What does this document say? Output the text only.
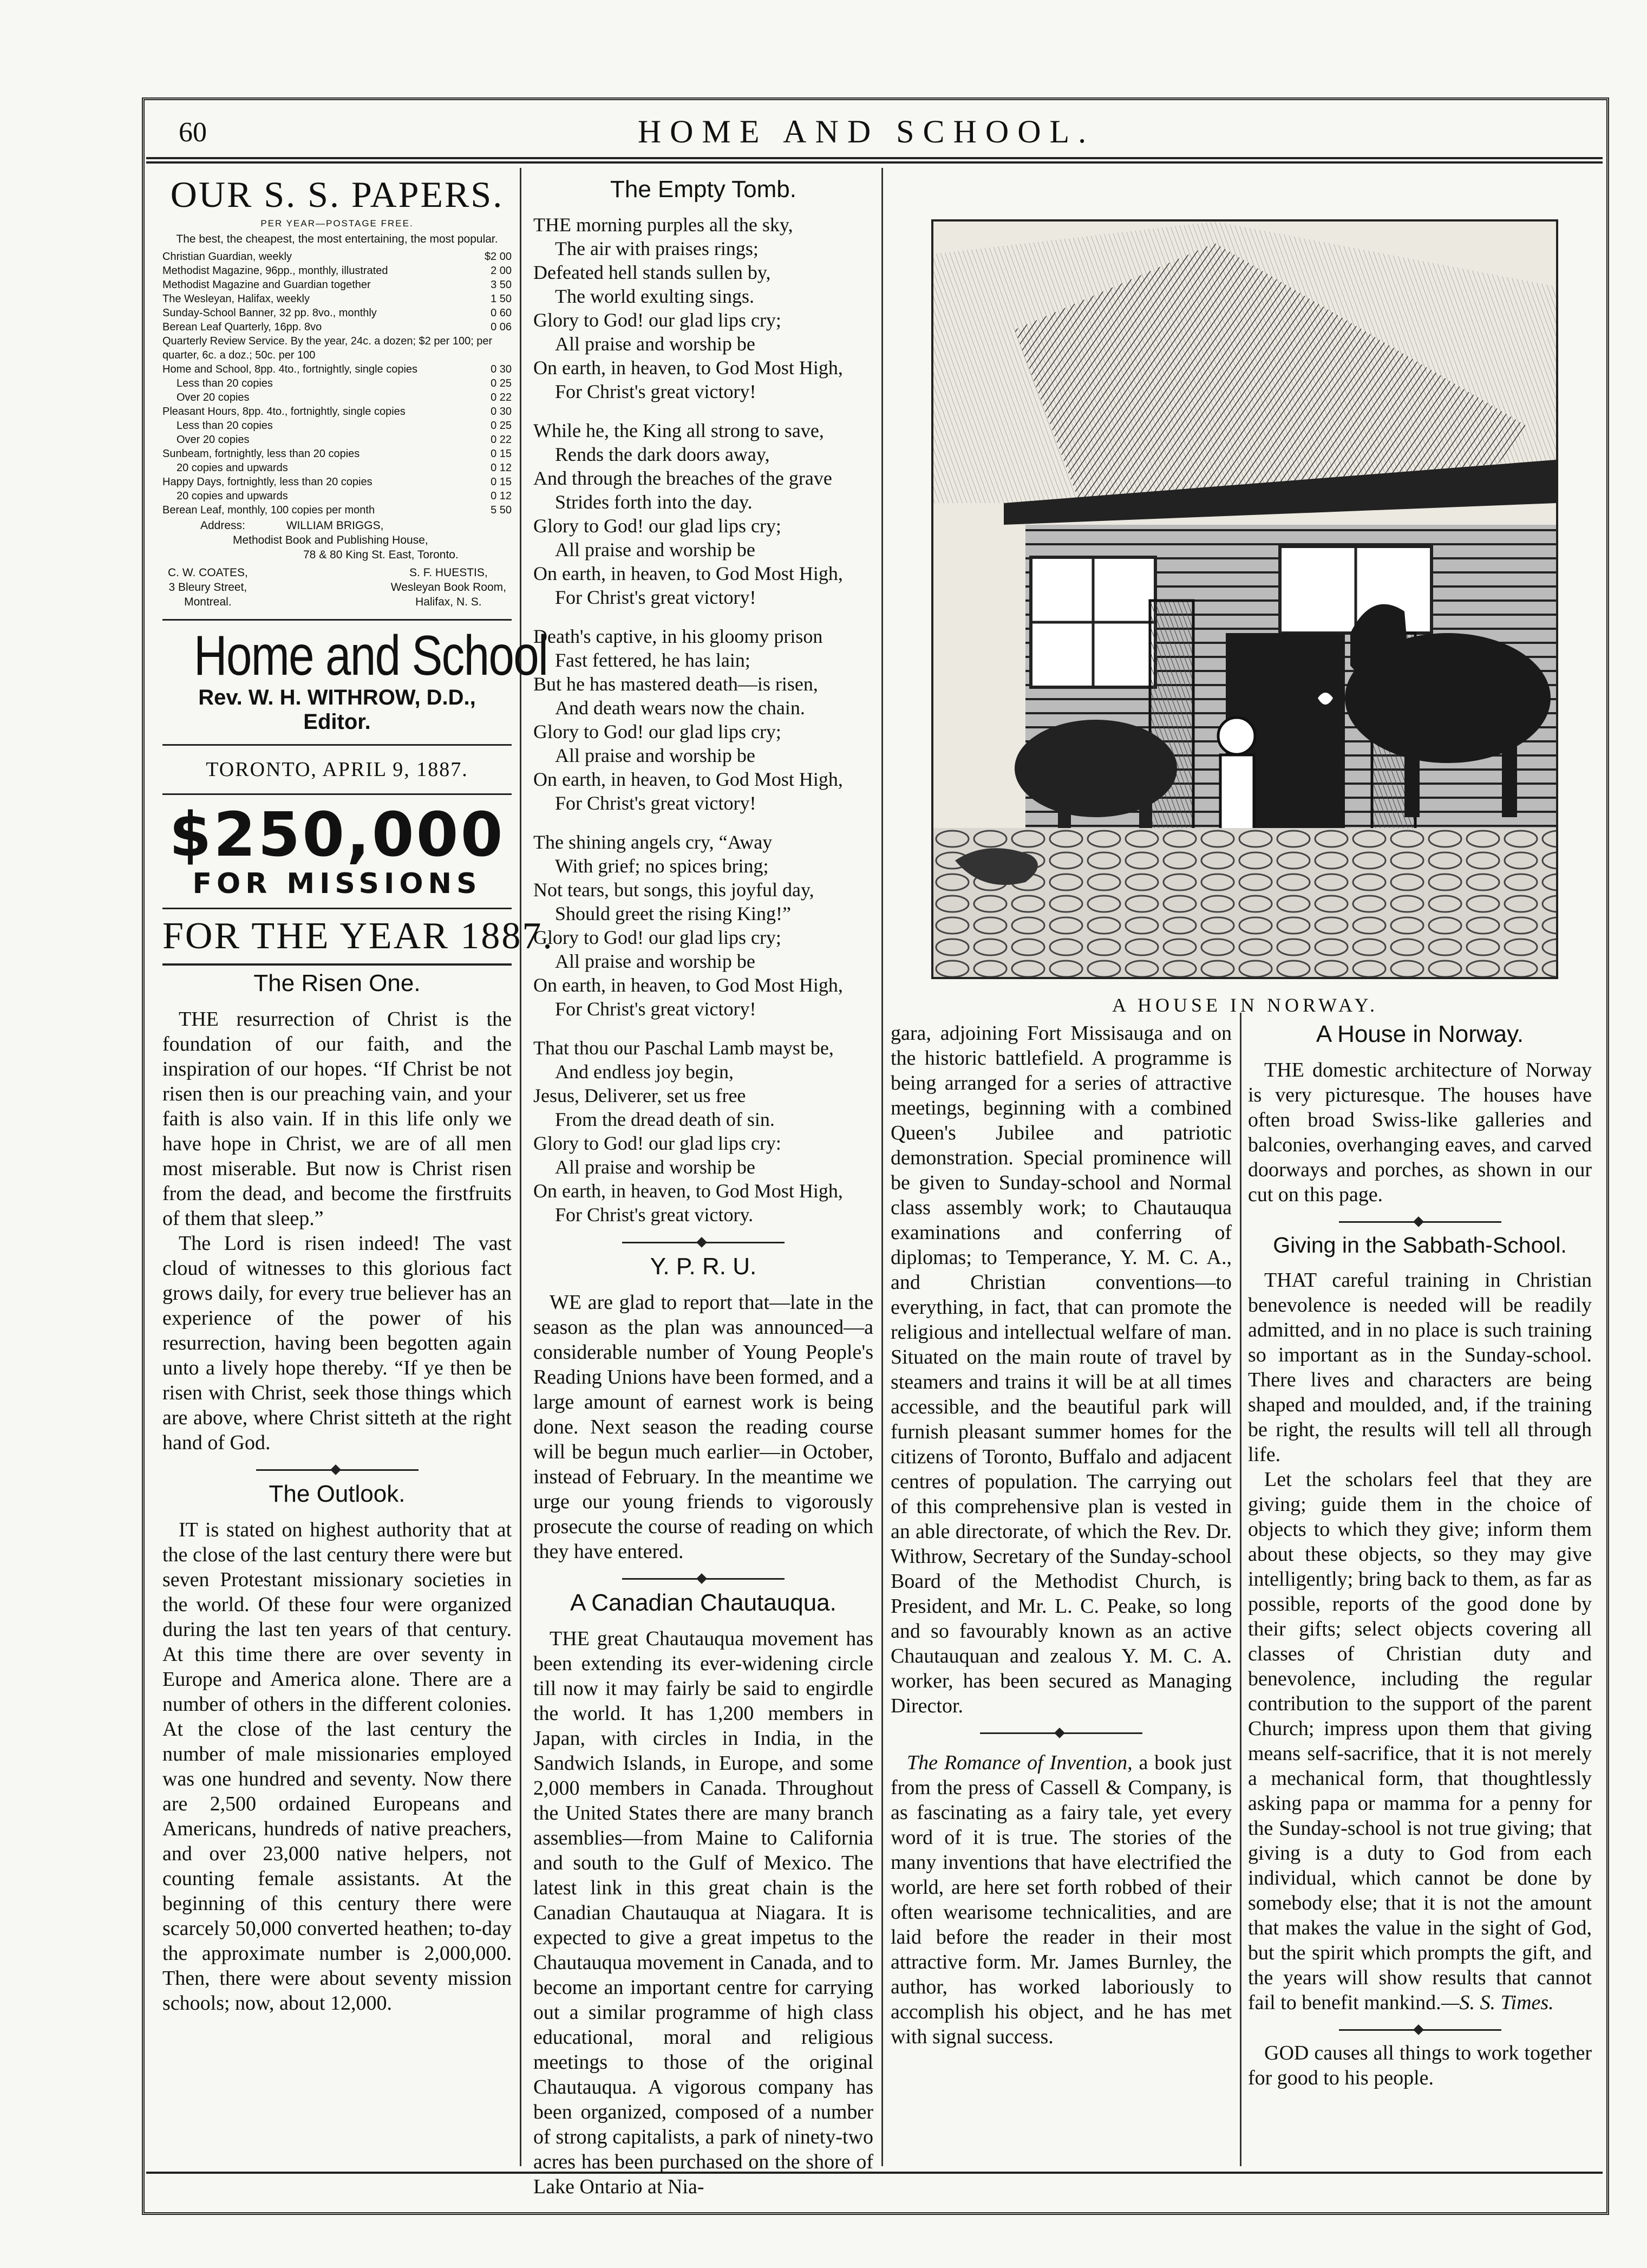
60	HOME AND SCHOOL.
OUR S. S. PAPERS.
PER YEAR—POSTAGE FREE.
The best, the cheapest, the most entertaining, the most popular.
Christian Guardian, weekly	$2 00
Methodist Magazine, 96pp., monthly, illustrated	2 00
Methodist Magazine and Guardian together	3 50
The Wesleyan, Halifax, weekly	1 50
Sunday-School Banner, 32 pp. 8vo., monthly	0 60
Berean Leaf Quarterly, 16pp. 8vo	0 06
Quarterly Review Service. By the year, 24c. a dozen; $2 per 100; per quarter, 6c. a doz.; 50c. per 100
Home and School, 8pp. 4to., fortnightly, single copies	0 30
Less than 20 copies	0 25
Over 20 copies	0 22
Pleasant Hours, 8pp. 4to., fortnightly, single copies	0 30
Less than 20 copies	0 25
Over 20 copies	0 22
Sunbeam, fortnightly, less than 20 copies	0 15
20 copies and upwards	0 12
Happy Days, fortnightly, less than 20 copies	0 15
20 copies and upwards	0 12
Berean Leaf, monthly, 100 copies per month	5 50
Address:	WILLIAM BRIGGS,
Methodist Book and Publishing House,
78 & 80 King St. East, Toronto.
C. W. COATES,
3 Bleury Street,
Montreal.
S. F. HUESTIS,
Wesleyan Book Room,
Halifax, N. S.
Home and School
Rev. W. H. WITHROW, D.D., Editor.
TORONTO, APRIL 9, 1887.
$250,000
FOR MISSIONS
FOR THE YEAR 1887.
The Risen One.

THE resurrection of Christ is the foundation of our faith, and the inspiration of our hopes. “If Christ be not risen then is our preaching vain, and your faith is also vain. If in this life only we have hope in Christ, we are of all men most miserable. But now is Christ risen from the dead, and become the firstfruits of them that sleep.”

The Lord is risen indeed! The vast cloud of witnesses to this glorious fact grows daily, for every true believer has an experience of the power of his resurrection, having been begotten again unto a lively hope thereby. “If ye then be risen with Christ, seek those things which are above, where Christ sitteth at the right hand of God.

The Outlook.

IT is stated on highest authority that at the close of the last century there were but seven Protestant missionary societies in the world. Of these four were organized during the last ten years of that century. At this time there are over seventy in Europe and America alone. There are a number of others in the different colonies. At the close of the last century the number of male missionaries employed was one hundred and seventy. Now there are 2,500 ordained Europeans and Americans, hundreds of native preachers, and over 23,000 native helpers, not counting female assistants. At the beginning of this century there were scarcely 50,000 converted heathen; to-day the approximate number is 2,000,000. Then, there were about seventy mission schools; now, about 12,000.

The Empty Tomb.
THE morning purples all the sky,
The air with praises rings;
Defeated hell stands sullen by,
The world exulting sings.
Glory to God! our glad lips cry;
All praise and worship be
On earth, in heaven, to God Most High,
For Christ's great victory!
While he, the King all strong to save,
Rends the dark doors away,
And through the breaches of the grave
Strides forth into the day.
Glory to God! our glad lips cry;
All praise and worship be
On earth, in heaven, to God Most High,
For Christ's great victory!
Death's captive, in his gloomy prison
Fast fettered, he has lain;
But he has mastered death—is risen,
And death wears now the chain.
Glory to God! our glad lips cry;
All praise and worship be
On earth, in heaven, to God Most High,
For Christ's great victory!
The shining angels cry, “Away
With grief; no spices bring;
Not tears, but songs, this joyful day,
Should greet the rising King!”
Glory to God! our glad lips cry;
All praise and worship be
On earth, in heaven, to God Most High,
For Christ's great victory!
That thou our Paschal Lamb mayst be,
And endless joy begin,
Jesus, Deliverer, set us free
From the dread death of sin.
Glory to God! our glad lips cry:
All praise and worship be
On earth, in heaven, to God Most High,
For Christ's great victory.
Y. P. R. U.

WE are glad to report that—late in the season as the plan was announced—a considerable number of Young People's Reading Unions have been formed, and a large amount of earnest work is being done. Next season the reading course will be begun much earlier—in October, instead of February. In the meantime we urge our young friends to vigorously prosecute the course of reading on which they have entered.

A Canadian Chautauqua.

THE great Chautauqua movement has been extending its ever-widening circle till now it may fairly be said to engirdle the world. It has 1,200 members in Japan, with circles in India, in the Sandwich Islands, in Europe, and some 2,000 members in Canada. Throughout the United States there are many branch assemblies—from Maine to California and south to the Gulf of Mexico. The latest link in this great chain is the Canadian Chautauqua at Niagara. It is expected to give a great impetus to the Chautauqua movement in Canada, and to become an important centre for carrying out a similar programme of high class educational, moral and religious meetings to those of the original Chautauqua. A vigorous company has been organized, composed of a number of strong capitalists, a park of ninety-two acres has been purchased on the shore of Lake Ontario at Nia-

A HOUSE IN NORWAY.

gara, adjoining Fort Missisauga and on the historic battlefield. A programme is being arranged for a series of attractive meetings, beginning with a combined Queen's Jubilee and patriotic demonstration. Special prominence will be given to Sunday-school and Normal class assembly work; to Chautauqua examinations and conferring of diplomas; to Temperance, Y. M. C. A., and Christian conventions—to everything, in fact, that can promote the religious and intellectual welfare of man. Situated on the main route of travel by steamers and trains it will be at all times accessible, and the beautiful park will furnish pleasant summer homes for the citizens of Toronto, Buffalo and adjacent centres of population. The carrying out of this comprehensive plan is vested in an able directorate, of which the Rev. Dr. Withrow, Secretary of the Sunday-school Board of the Methodist Church, is President, and Mr. L. C. Peake, so long and so favourably known as an active Chautauquan and zealous Y. M. C. A. worker, has been secured as Managing Director.

The Romance of Invention, a book just from the press of Cassell & Company, is as fascinating as a fairy tale, yet every word of it is true. The stories of the many inventions that have electrified the world, are here set forth robbed of their often wearisome technicalities, and are laid before the reader in their most attractive form. Mr. James Burnley, the author, has worked laboriously to accomplish his object, and he has met with signal success.

A House in Norway.

THE domestic architecture of Norway is very picturesque. The houses have often broad Swiss-like galleries and balconies, overhanging eaves, and carved doorways and porches, as shown in our cut on this page.

Giving in the Sabbath-School.

THAT careful training in Christian benevolence is needed will be readily admitted, and in no place is such training so important as in the Sunday-school. There lives and characters are being shaped and moulded, and, if the training be right, the results will tell all through life.

Let the scholars feel that they are giving; guide them in the choice of objects to which they give; inform them about these objects, so they may give intelligently; bring back to them, as far as possible, reports of the good done by their gifts; select objects covering all classes of Christian duty and benevolence, including the regular contribution to the support of the parent Church; impress upon them that giving means self-sacrifice, that it is not merely a mechanical form, that thoughtlessly asking papa or mamma for a penny for the Sunday-school is not true giving; that giving is a duty to God from each individual, which cannot be done by somebody else; that it is not the amount that makes the value in the sight of God, but the spirit which prompts the gift, and the years will show results that cannot fail to benefit mankind.—S. S. Times.

GOD causes all things to work together for good to his people.
